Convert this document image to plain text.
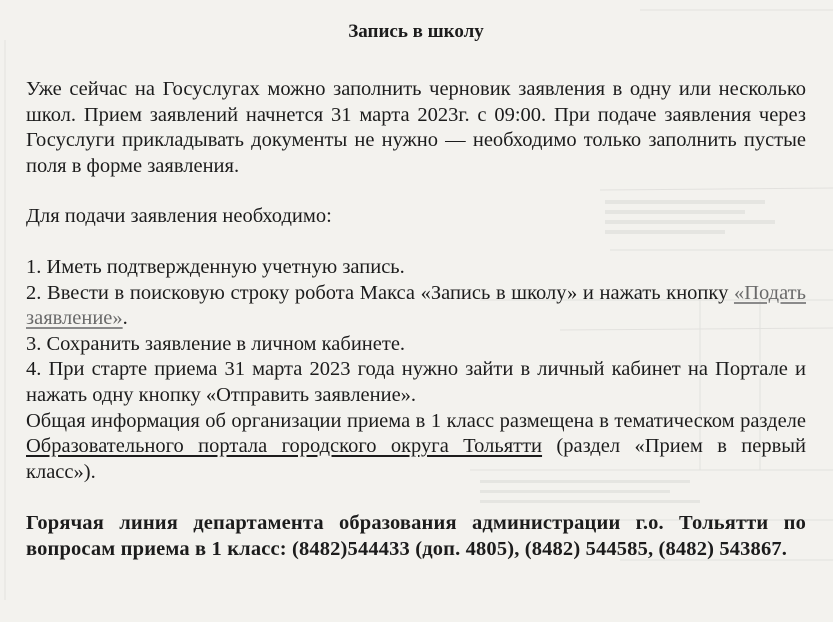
Запись в школу

Уже сейчас на Госуслугах можно заполнить черновик заявления в одну или несколько школ. Прием заявлений начнется 31 марта 2023г. с 09:00. При подаче заявления через Госуслуги прикладывать документы не нужно — необходимо только заполнить пустые поля в форме заявления.

Для подачи заявления необходимо:

1. Иметь подтвержденную учетную запись.

2. Ввести в поисковую строку робота Макса «Запись в школу» и нажать кнопку «Подать заявление».

3. Сохранить заявление в личном кабинете.

4. При старте приема 31 марта 2023 года нужно зайти в личный кабинет на Портале и нажать одну кнопку «Отправить заявление».

Общая информация об организации приема в 1 класс размещена в тематическом разделе Образовательного портала городского округа Тольятти (раздел «Прием в первый класс»).

Горячая линия департамента образования администрации г.о. Тольятти по вопросам приема в 1 класс: (8482)544433 (доп. 4805), (8482) 544585, (8482) 543867.
